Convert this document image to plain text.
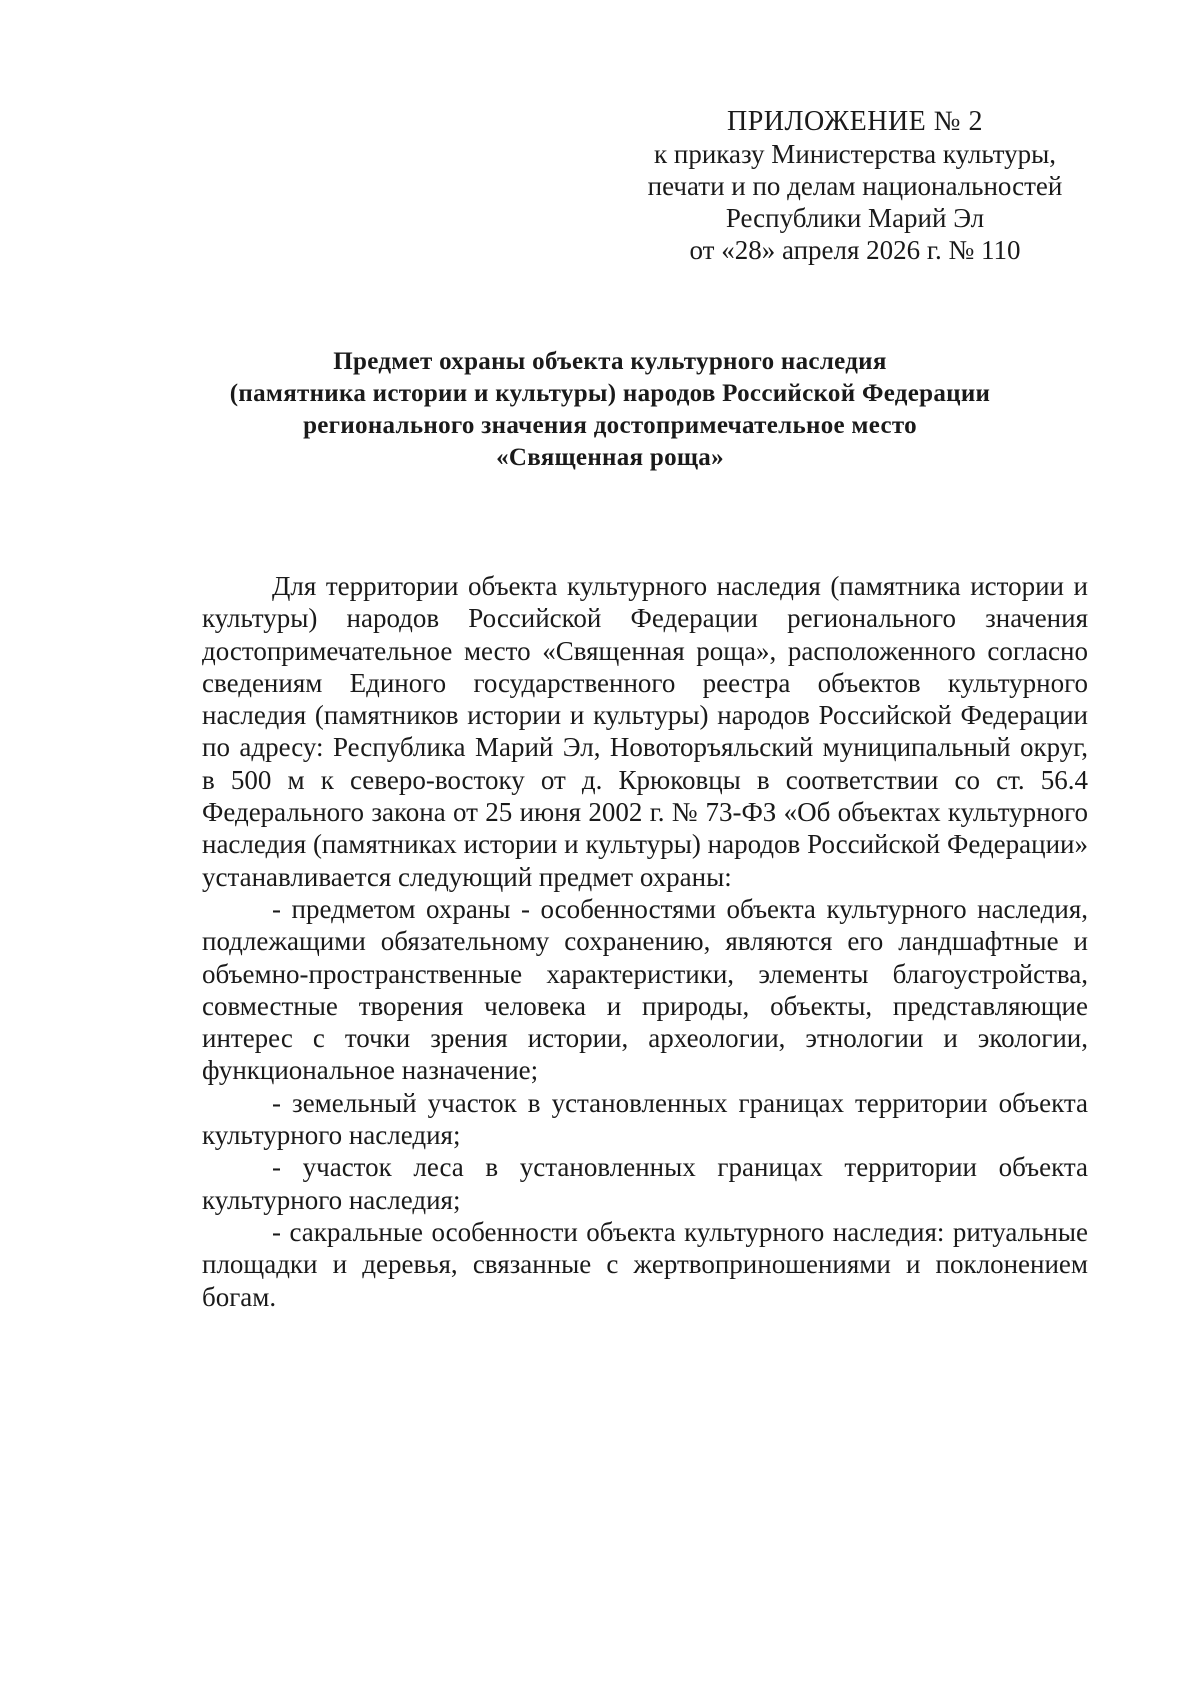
ПРИЛОЖЕНИЕ № 2
к приказу Министерства культуры,
печати и по делам национальностей
Республики Марий Эл
от «28» апреля 2026 г. № 110
Предмет охраны объекта культурного наследия
(памятника истории и культуры) народов Российской Федерации
регионального значения достопримечательное место
«Священная роща»

Для территории объекта культурного наследия (памятника истории и культуры) народов Российской Федерации регионального значения достопримечательное место «Священная роща», расположенного согласно сведениям Единого государственного реестра объектов культурного наследия (памятников истории и культуры) народов Российской Федерации по адресу: Республика Марий Эл, Новоторъяльский муниципальный округ, в 500 м к северо-востоку от д. Крюковцы в соответствии со ст. 56.4 Федерального закона от 25 июня 2002 г. № 73-ФЗ «Об объектах культурного наследия (памятниках истории и культуры) народов Российской Федерации» устанавливается следующий предмет охраны:

- предметом охраны - особенностями объекта культурного наследия, подлежащими обязательному сохранению, являются его ландшафтные и объемно-пространственные характеристики, элементы благоустройства, совместные творения человека и природы, объекты, представляющие интерес с точки зрения истории, археологии, этнологии и экологии, функциональное назначение;

- земельный участок в установленных границах территории объекта культурного наследия;

- участок леса в установленных границах территории объекта культурного наследия;

- сакральные особенности объекта культурного наследия: ритуальные площадки и деревья, связанные с жертвоприношениями и поклонением богам.
